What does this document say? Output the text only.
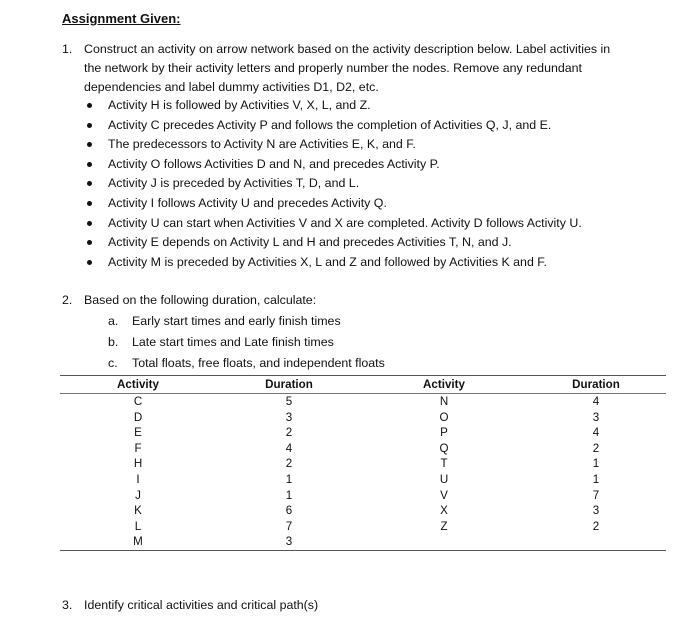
Assignment Given:
1. Construct an activity on arrow network based on the activity description below. Label activities in
the network by their activity letters and properly number the nodes. Remove any redundant
dependencies and label dummy activities D1, D2, etc.
Activity H is followed by Activities V, X, L, and Z.
Activity C precedes Activity P and follows the completion of Activities Q, J, and E.
The predecessors to Activity N are Activities E, K, and F.
Activity O follows Activities D and N, and precedes Activity P.
Activity J is preceded by Activities T, D, and L.
Activity I follows Activity U and precedes Activity Q.
Activity U can start when Activities V and X are completed. Activity D follows Activity U.
Activity E depends on Activity L and H and precedes Activities T, N, and J.
Activity M is preceded by Activities X, L and Z and followed by Activities K and F.
2. Based on the following duration, calculate:
a. Early start times and early finish times
b. Late start times and Late finish times
c. Total floats, free floats, and independent floats
Activity	Duration	Activity	Duration
C	5	N	4
D	3	O	3
E	2	P	4
F	4	Q	2
H	2	T	1
I	1	U	1
J	1	V	7
K	6	X	3
L	7	Z	2
M	3		
3. Identify critical activities and critical path(s)
